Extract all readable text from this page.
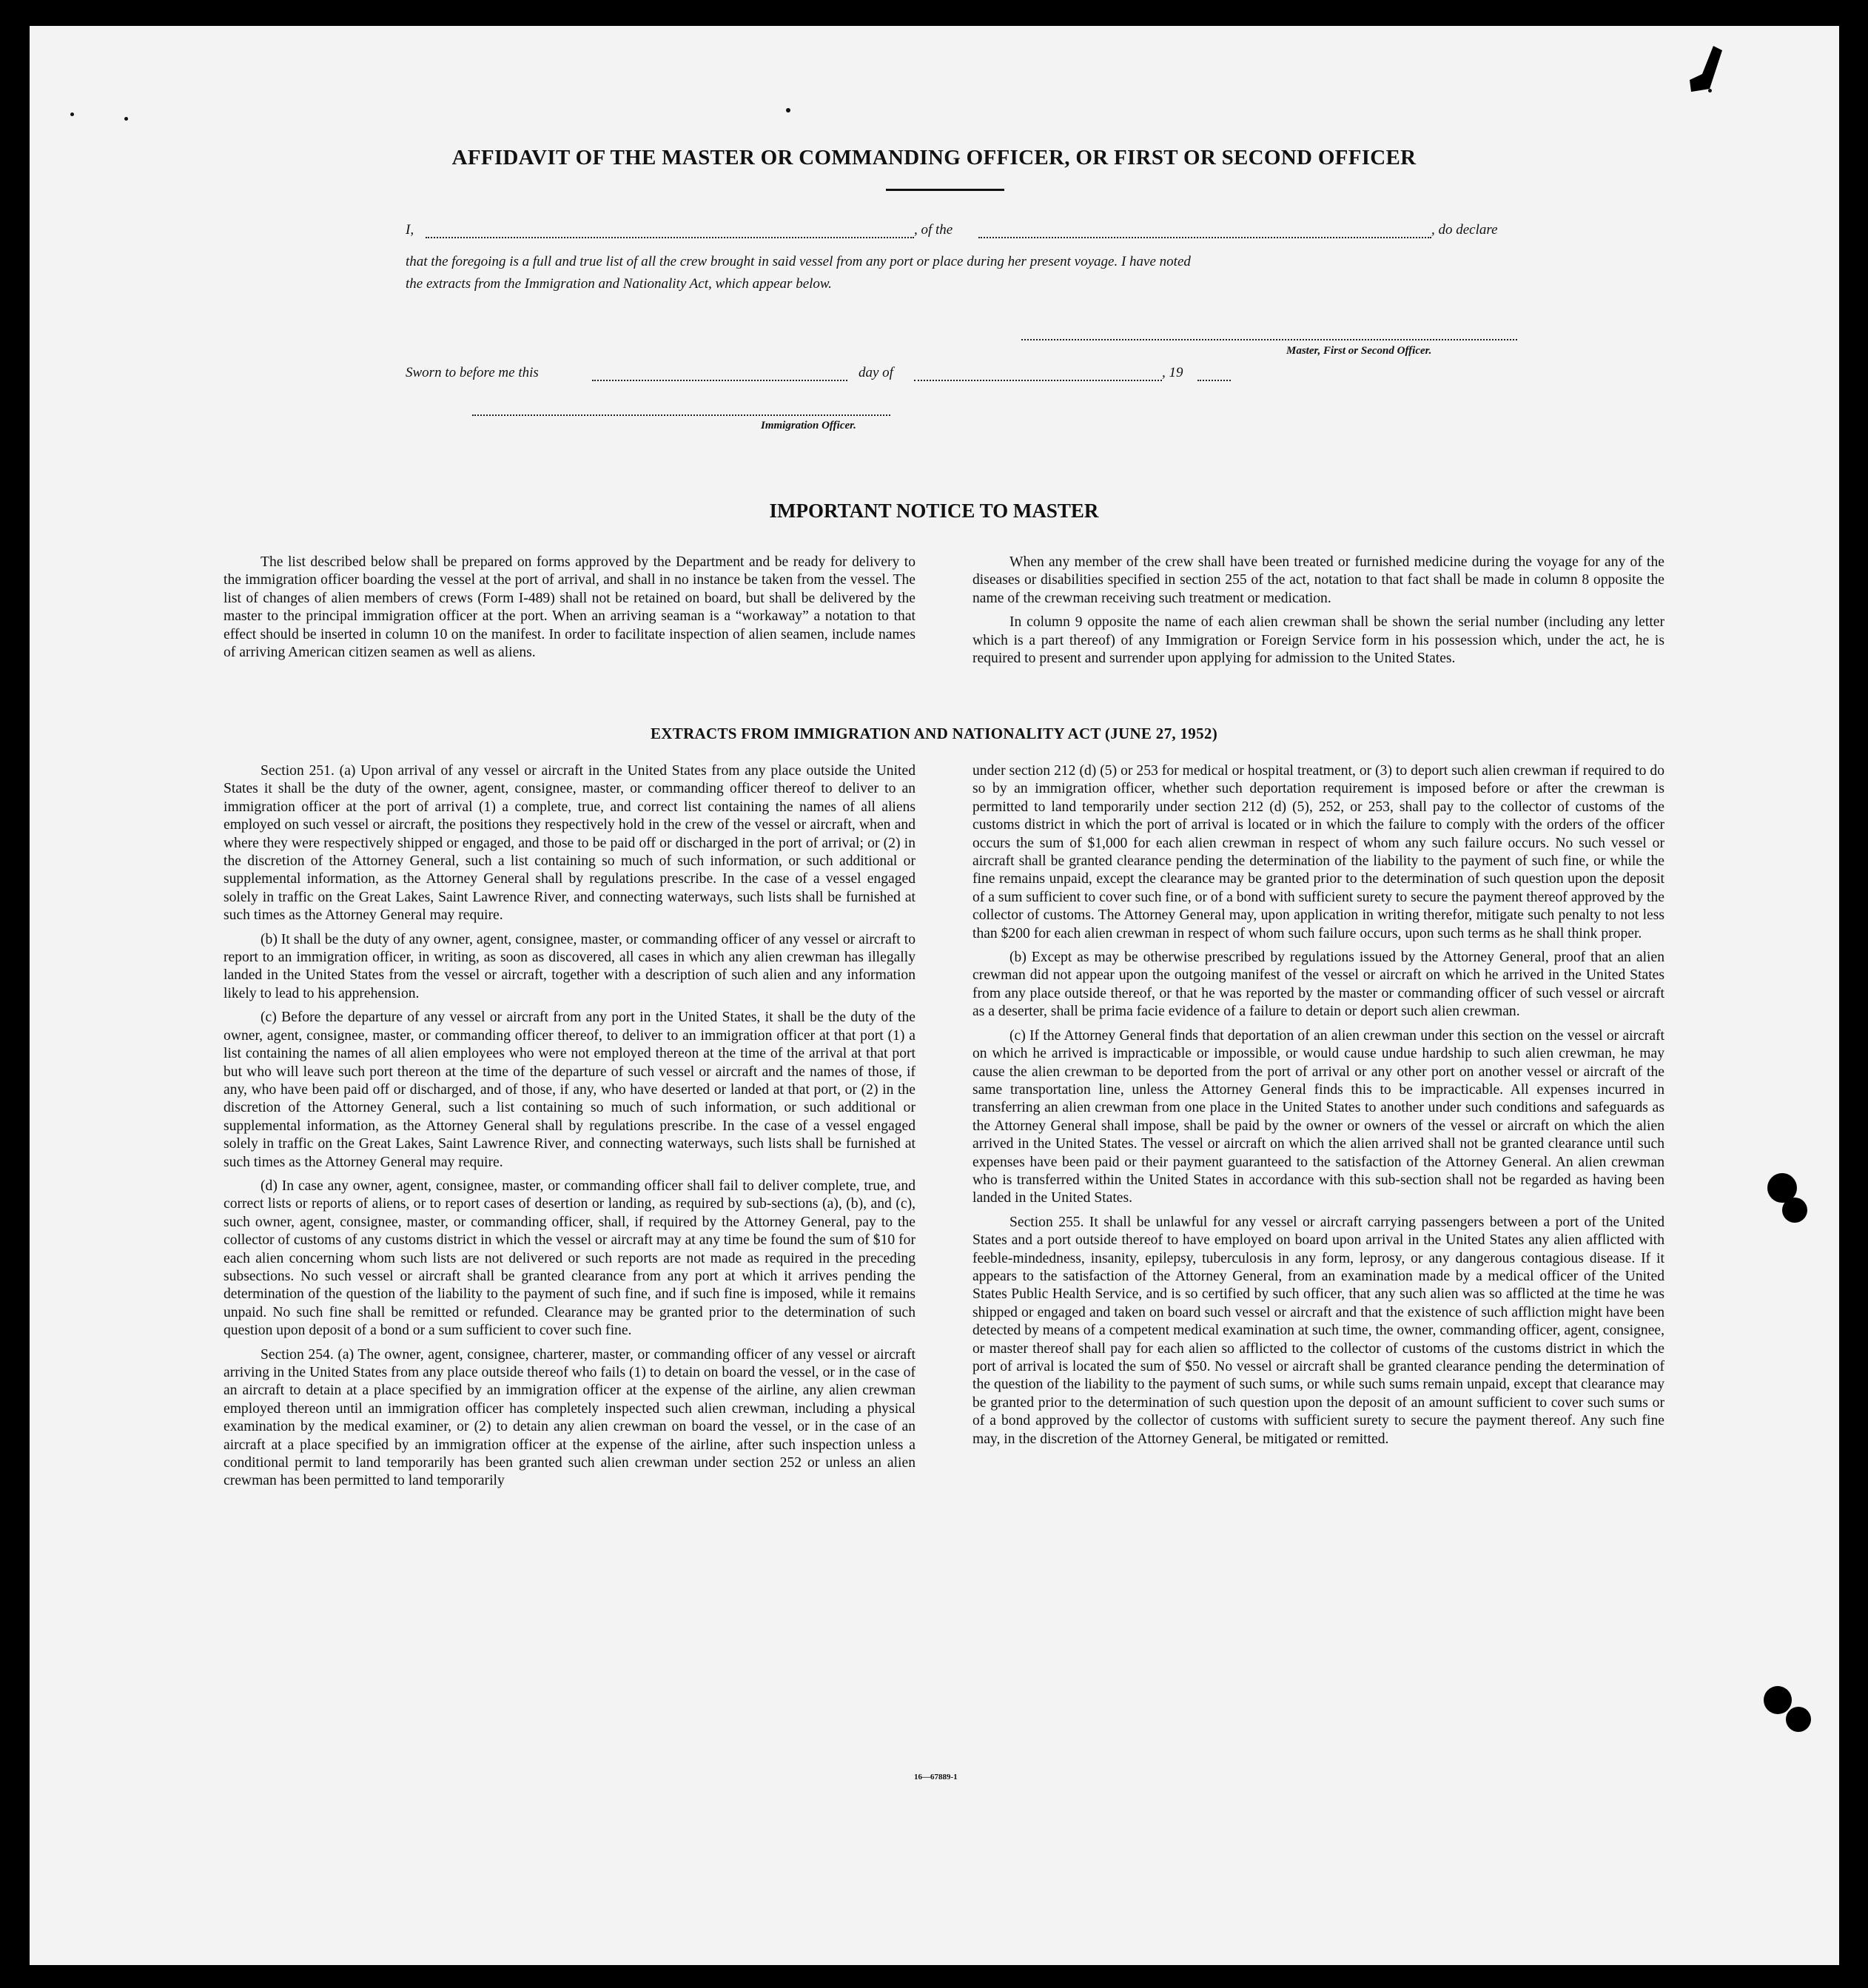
AFFIDAVIT OF THE MASTER OR COMMANDING OFFICER, OR FIRST OR SECOND OFFICER
I,	, of the	, do declare
that the foregoing is a full and true list of all the crew brought in said vessel from any port or place during her present voyage. I have noted
the extracts from the Immigration and Nationality Act, which appear below.
Master, First or Second Officer.
Sworn to before me this	day of	, 19
Immigration Officer.
IMPORTANT NOTICE TO MASTER

The list described below shall be prepared on forms approved by the Department and be ready for delivery to the immigration officer boarding the vessel at the port of arrival, and shall in no instance be taken from the vessel. The list of changes of alien members of crews (Form I-489) shall not be retained on board, but shall be delivered by the master to the principal immigration officer at the port. When an arriving seaman is a “workaway” a notation to that effect should be inserted in column 10 on the manifest. In order to facilitate inspection of alien seamen, include names of arriving American citizen seamen as well as aliens.

When any member of the crew shall have been treated or furnished medicine during the voyage for any of the diseases or disabilities specified in section 255 of the act, notation to that fact shall be made in column 8 opposite the name of the crewman receiving such treatment or medication.

In column 9 opposite the name of each alien crewman shall be shown the serial number (including any letter which is a part thereof) of any Immigration or Foreign Service form in his possession which, under the act, he is required to present and surrender upon applying for admission to the United States.

EXTRACTS FROM IMMIGRATION AND NATIONALITY ACT (JUNE 27, 1952)

Section 251. (a) Upon arrival of any vessel or aircraft in the United States from any place outside the United States it shall be the duty of the owner, agent, consignee, master, or commanding officer thereof to deliver to an immigration officer at the port of arrival (1) a complete, true, and correct list containing the names of all aliens employed on such vessel or aircraft, the positions they respectively hold in the crew of the vessel or aircraft, when and where they were respectively shipped or engaged, and those to be paid off or discharged in the port of arrival; or (2) in the discretion of the Attorney General, such a list containing so much of such information, or such additional or supplemental information, as the Attorney General shall by regulations prescribe. In the case of a vessel engaged solely in traffic on the Great Lakes, Saint Lawrence River, and connecting waterways, such lists shall be furnished at such times as the Attorney General may require.

(b) It shall be the duty of any owner, agent, consignee, master, or commanding officer of any vessel or aircraft to report to an immigration officer, in writing, as soon as discovered, all cases in which any alien crewman has illegally landed in the United States from the vessel or aircraft, together with a description of such alien and any information likely to lead to his apprehension.

(c) Before the departure of any vessel or aircraft from any port in the United States, it shall be the duty of the owner, agent, consignee, master, or commanding officer thereof, to deliver to an immigration officer at that port (1) a list containing the names of all alien employees who were not employed thereon at the time of the arrival at that port but who will leave such port thereon at the time of the departure of such vessel or aircraft and the names of those, if any, who have been paid off or discharged, and of those, if any, who have deserted or landed at that port, or (2) in the discretion of the Attorney General, such a list containing so much of such information, or such additional or supplemental information, as the Attorney General shall by regulations prescribe. In the case of a vessel engaged solely in traffic on the Great Lakes, Saint Lawrence River, and connecting waterways, such lists shall be furnished at such times as the Attorney General may require.

(d) In case any owner, agent, consignee, master, or commanding officer shall fail to deliver complete, true, and correct lists or reports of aliens, or to report cases of desertion or landing, as required by sub-sections (a), (b), and (c), such owner, agent, consignee, master, or commanding officer, shall, if required by the Attorney General, pay to the collector of customs of any customs district in which the vessel or aircraft may at any time be found the sum of $10 for each alien concerning whom such lists are not delivered or such reports are not made as required in the preceding subsections. No such vessel or aircraft shall be granted clearance from any port at which it arrives pending the determination of the question of the liability to the payment of such fine, and if such fine is imposed, while it remains unpaid. No such fine shall be remitted or refunded. Clearance may be granted prior to the determination of such question upon deposit of a bond or a sum sufficient to cover such fine.

Section 254. (a) The owner, agent, consignee, charterer, master, or commanding officer of any vessel or aircraft arriving in the United States from any place outside thereof who fails (1) to detain on board the vessel, or in the case of an aircraft to detain at a place specified by an immigration officer at the expense of the airline, any alien crewman employed thereon until an immigration officer has completely inspected such alien crewman, including a physical examination by the medical examiner, or (2) to detain any alien crewman on board the vessel, or in the case of an aircraft at a place specified by an immigration officer at the expense of the airline, after such inspection unless a conditional permit to land temporarily has been granted such alien crewman under section 252 or unless an alien crewman has been permitted to land temporarily

under section 212 (d) (5) or 253 for medical or hospital treatment, or (3) to deport such alien crewman if required to do so by an immigration officer, whether such deportation requirement is imposed before or after the crewman is permitted to land temporarily under section 212 (d) (5), 252, or 253, shall pay to the collector of customs of the customs district in which the port of arrival is located or in which the failure to comply with the orders of the officer occurs the sum of $1,000 for each alien crewman in respect of whom any such failure occurs. No such vessel or aircraft shall be granted clearance pending the determination of the liability to the payment of such fine, or while the fine remains unpaid, except the clearance may be granted prior to the determination of such question upon the deposit of a sum sufficient to cover such fine, or of a bond with sufficient surety to secure the payment thereof approved by the collector of customs. The Attorney General may, upon application in writing therefor, mitigate such penalty to not less than $200 for each alien crewman in respect of whom such failure occurs, upon such terms as he shall think proper.

(b) Except as may be otherwise prescribed by regulations issued by the Attorney General, proof that an alien crewman did not appear upon the outgoing manifest of the vessel or aircraft on which he arrived in the United States from any place outside thereof, or that he was reported by the master or commanding officer of such vessel or aircraft as a deserter, shall be prima facie evidence of a failure to detain or deport such alien crewman.

(c) If the Attorney General finds that deportation of an alien crewman under this section on the vessel or aircraft on which he arrived is impracticable or impossible, or would cause undue hardship to such alien crewman, he may cause the alien crewman to be deported from the port of arrival or any other port on another vessel or aircraft of the same transportation line, unless the Attorney General finds this to be impracticable. All expenses incurred in transferring an alien crewman from one place in the United States to another under such conditions and safeguards as the Attorney General shall impose, shall be paid by the owner or owners of the vessel or aircraft on which the alien arrived in the United States. The vessel or aircraft on which the alien arrived shall not be granted clearance until such expenses have been paid or their payment guaranteed to the satisfaction of the Attorney General. An alien crewman who is transferred within the United States in accordance with this sub-section shall not be regarded as having been landed in the United States.

Section 255. It shall be unlawful for any vessel or aircraft carrying passengers between a port of the United States and a port outside thereof to have employed on board upon arrival in the United States any alien afflicted with feeble-mindedness, insanity, epilepsy, tuberculosis in any form, leprosy, or any dangerous contagious disease. If it appears to the satisfaction of the Attorney General, from an examination made by a medical officer of the United States Public Health Service, and is so certified by such officer, that any such alien was so afflicted at the time he was shipped or engaged and taken on board such vessel or aircraft and that the existence of such affliction might have been detected by means of a competent medical examination at such time, the owner, commanding officer, agent, consignee, or master thereof shall pay for each alien so afflicted to the collector of customs of the customs district in which the port of arrival is located the sum of $50. No vessel or aircraft shall be granted clearance pending the determination of the question of the liability to the payment of such sums, or while such sums remain unpaid, except that clearance may be granted prior to the determination of such question upon the deposit of an amount sufficient to cover such sums or of a bond approved by the collector of customs with sufficient surety to secure the payment thereof. Any such fine may, in the discretion of the Attorney General, be mitigated or remitted.

16—67889-1
